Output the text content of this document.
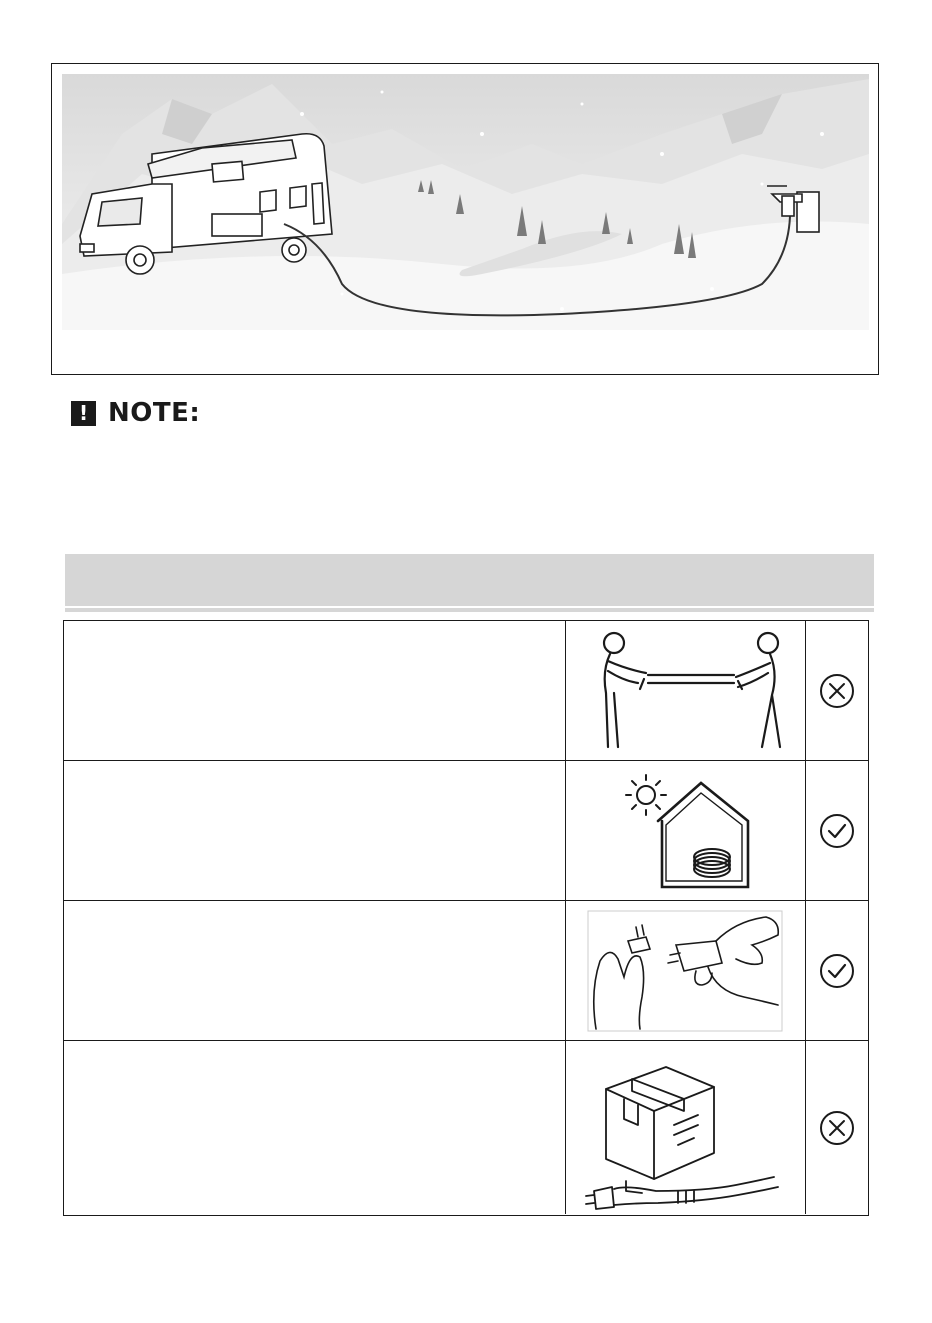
! NOTE:
